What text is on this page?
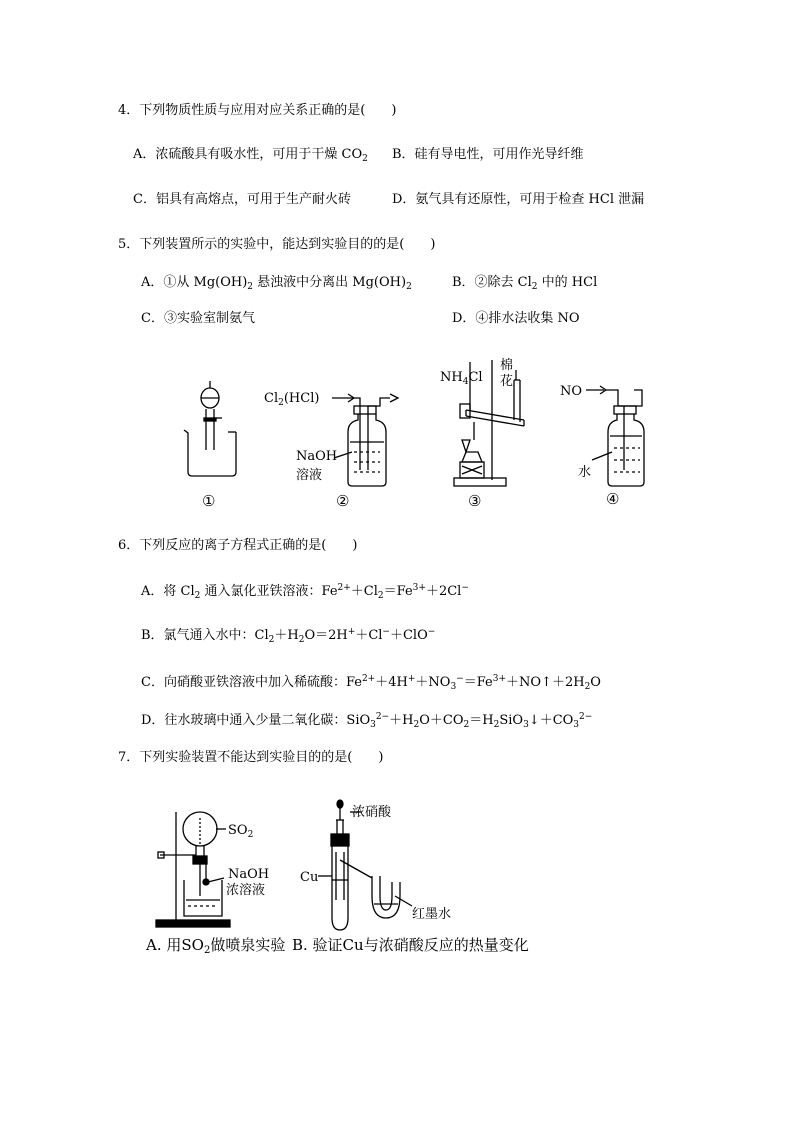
4．下列物质性质与应用对应关系正确的是(　　)
A．浓硫酸具有吸水性，可用于干燥 $CO_2$ B．硅有导电性，可用作光导纤维
C．铝具有高熔点，可用于生产耐火砖	D．氨气具有还原性，可用于检查 HCl 泄漏
5．下列装置所示的实验中，能达到实验目的的是(　　)
A．①从 $Mg(OH)_2$ 悬浊液中分离出 $Mg(OH)_2$	B．②除去 $Cl_2$ 中的 HCl
C．③实验室制氨气	D．④排水法收集 NO
$Cl_2(HCl)$
NaOH
溶液
$NH_4Cl$
棉
花
NO
水
①	②	③	④
6．下列反应的离子方程式正确的是(　　)
A．将 $Cl_2$ 通入氯化亚铁溶液：$Fe^{2+}+Cl_2=Fe^{3+}+2Cl^-$
B．氯气通入水中：$Cl_2+H_2O=2H^++Cl^-+ClO^-$
C．向硝酸亚铁溶液中加入稀硫酸：$Fe^{2+}+4H^++NO_3^-=Fe^{3+}+NO↑+2H_2O$
D．往水玻璃中通入少量二氧化碳：$SiO_3^{2-}+H_2O+CO_2=H_2SiO_3↓+CO_3^{2-}$
7．下列实验装置不能达到实验目的的是(　　)
$SO_2$
NaOH
浓溶液
浓硝酸
Cu
红墨水
A. 用$SO_2$做喷泉实验 B. 验证Cu与浓硝酸反应的热量变化
